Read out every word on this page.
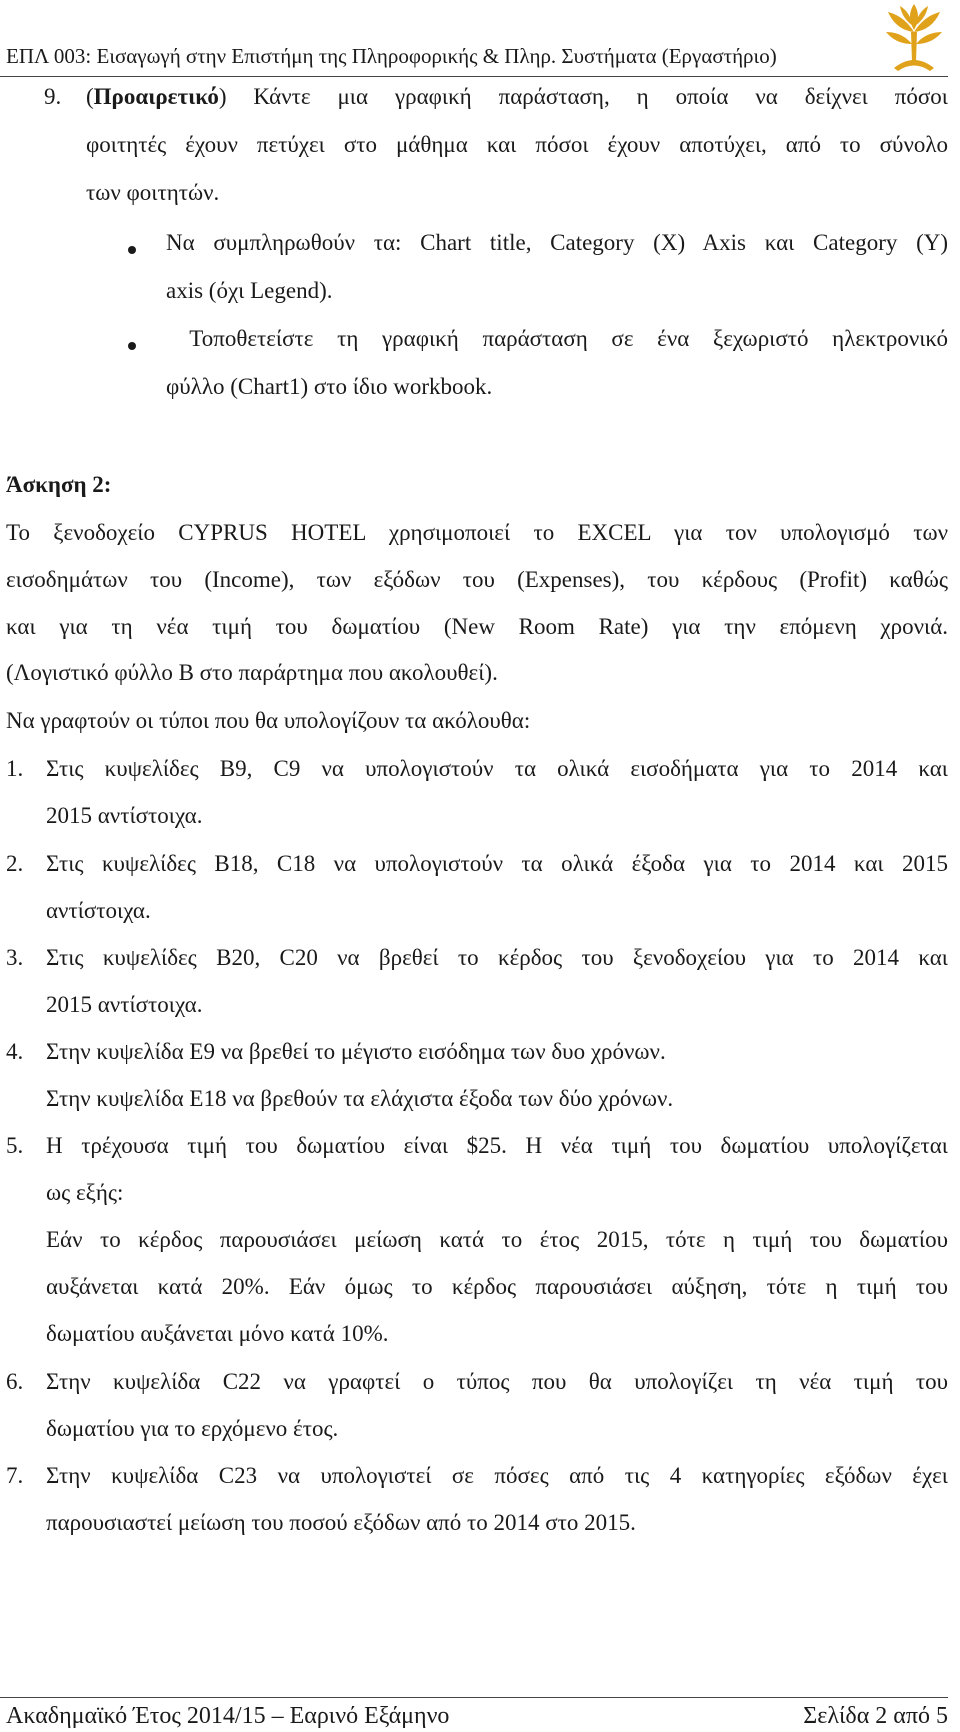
ΕΠΛ 003: Εισαγωγή στην Επιστήμη της Πληροφορικής & Πληρ. Συστήματα (Εργαστήριο)
9. (Προαιρετικό) Κάντε μια γραφική παράσταση, η οποία να δείχνει πόσοι
φοιτητές έχουν πετύχει στο μάθημα και πόσοι έχουν αποτύχει, από το σύνολο
των φοιτητών.
Να συμπληρωθούν τα: Chart title, Category (X) Axis και Category (Y)
axis (όχι Legend).
Τοποθετείστε τη γραφική παράσταση σε ένα ξεχωριστό ηλεκτρονικό
φύλλο (Chart1) στο ίδιο workbook.
Άσκηση 2:
Το ξενοδοχείο CYPRUS HOTEL χρησιμοποιεί το EXCEL για τον υπολογισμό των
εισοδημάτων του (Income), των εξόδων του (Expenses), του κέρδους (Profit) καθώς
και για τη νέα τιμή του δωματίου (New Room Rate) για την επόμενη χρονιά.
(Λογιστικό φύλλο Β στο παράρτημα που ακολουθεί).
Να γραφτούν οι τύποι που θα υπολογίζουν τα ακόλουθα:
1. Στις κυψελίδες Β9, C9 να υπολογιστούν τα ολικά εισοδήματα για το 2014 και
2015 αντίστοιχα.
2. Στις κυψελίδες Β18, C18 να υπολογιστούν τα ολικά έξοδα για το 2014 και 2015
αντίστοιχα.
3. Στις κυψελίδες Β20, C20 να βρεθεί το κέρδος του ξενοδοχείου για το 2014 και
2015 αντίστοιχα.
4. Στην κυψελίδα Ε9 να βρεθεί το μέγιστο εισόδημα των δυο χρόνων.
Στην κυψελίδα Ε18 να βρεθούν τα ελάχιστα έξοδα των δύο χρόνων.
5. Η τρέχουσα τιμή του δωματίου είναι $25. Η νέα τιμή του δωματίου υπολογίζεται
ως εξής:
Εάν το κέρδος παρουσιάσει μείωση κατά το έτος 2015, τότε η τιμή του δωματίου
αυξάνεται κατά 20%. Εάν όμως το κέρδος παρουσιάσει αύξηση, τότε η τιμή του
δωματίου αυξάνεται μόνο κατά 10%.
6. Στην κυψελίδα C22 να γραφτεί ο τύπος που θα υπολογίζει τη νέα τιμή του
δωματίου για το ερχόμενο έτος.
7. Στην κυψελίδα C23 να υπολογιστεί σε πόσες από τις 4 κατηγορίες εξόδων έχει
παρουσιαστεί μείωση του ποσού εξόδων από το 2014 στο 2015.
Ακαδημαϊκό Έτος 2014/15 – Εαρινό Εξάμηνο	Σελίδα 2 από 5
